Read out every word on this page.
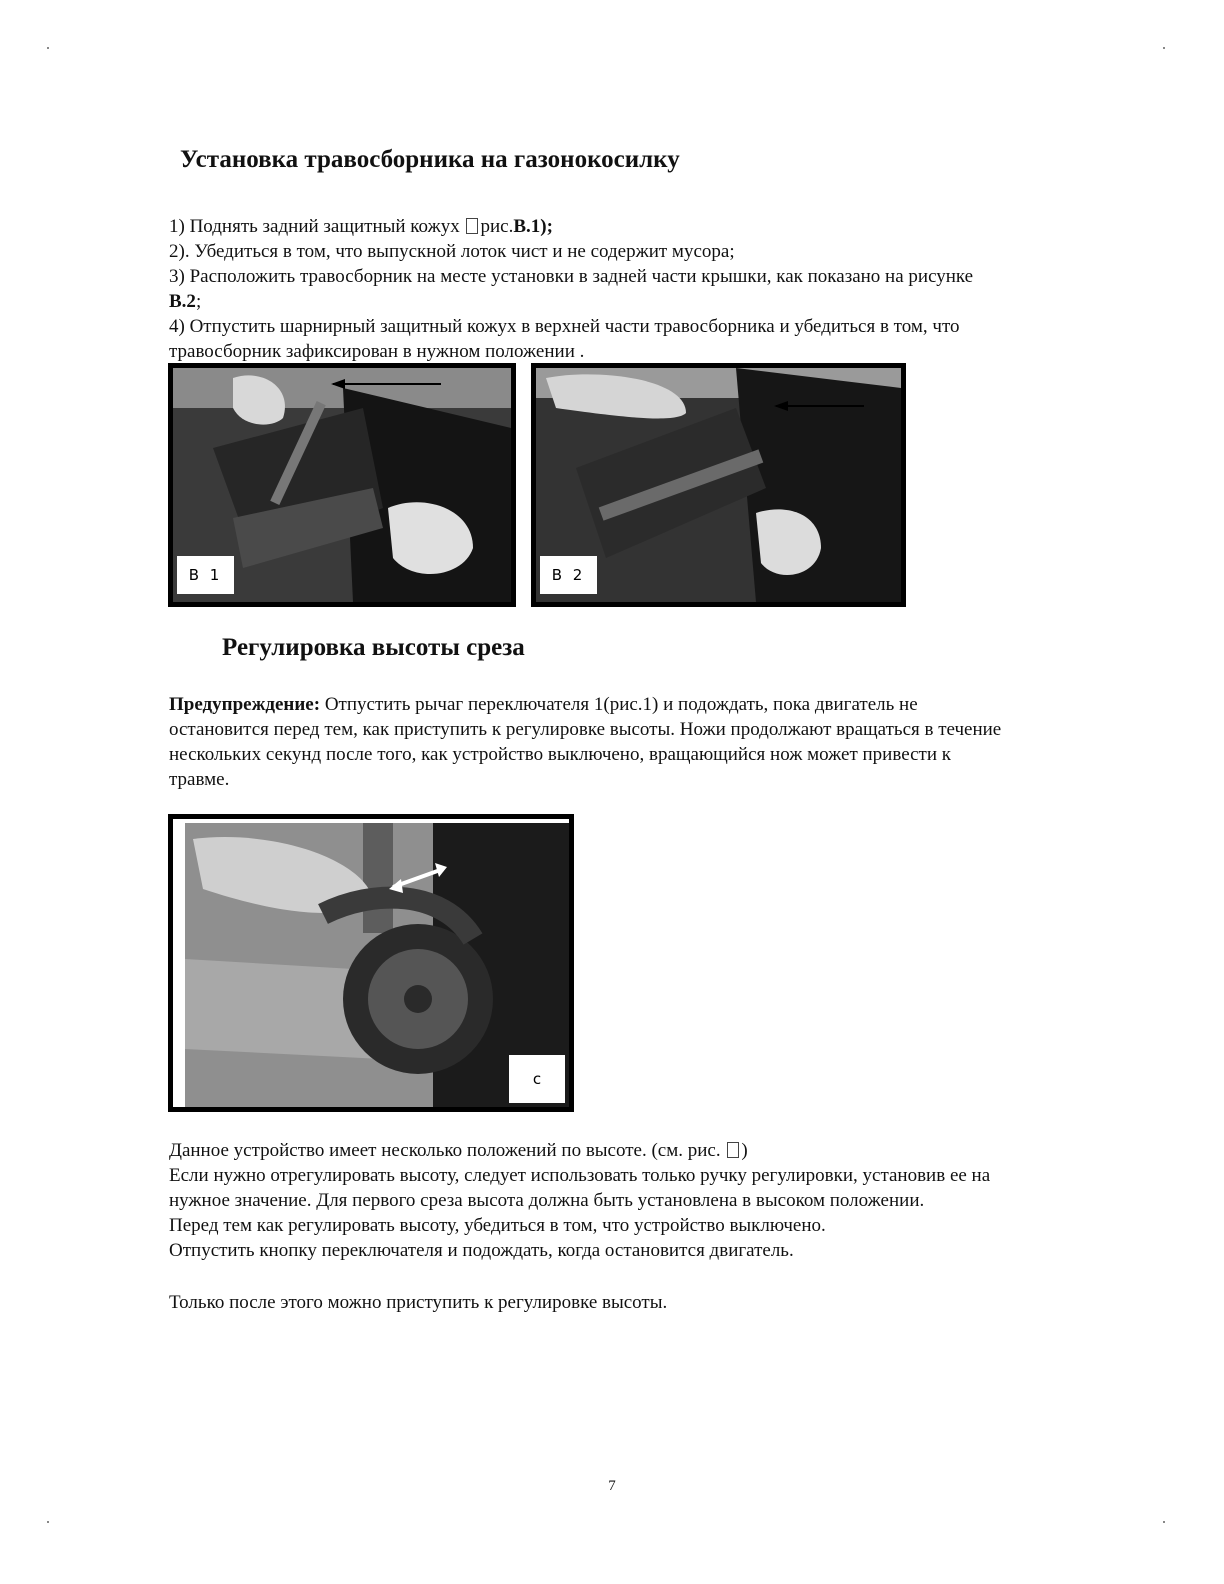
Установка травосборника на газонокосилку
1) Поднять задний защитный кожух рис.B.1);
2). Убедиться в том, что выпускной лоток чист и не содержит мусора;
3) Расположить травосборник на месте установки в задней части крышки, как показано на рисунке
B.2;
4) Отпустить шарнирный защитный кожух в верхней части травосборника и убедиться в том, что
травосборник зафиксирован в нужном положении .
B 1	B 2
Регулировка высоты среза
Предупреждение: Отпустить рычаг переключателя 1(рис.1) и подождать, пока двигатель не
остановится перед тем, как приступить к регулировке высоты. Ножи продолжают вращаться в течение
нескольких секунд после того, как устройство выключено, вращающийся нож может привести к
травме.
c
Данное устройство имеет несколько положений по высоте. (см. рис. )
Если нужно отрегулировать высоту, следует использовать только ручку регулировки, установив ее на
нужное значение. Для первого среза высота должна быть установлена в высоком положении.
Перед тем как регулировать высоту, убедиться в том, что устройство выключено.
Отпустить кнопку переключателя и подождать, когда остановится двигатель.
Только после этого можно приступить к регулировке высоты.
7
